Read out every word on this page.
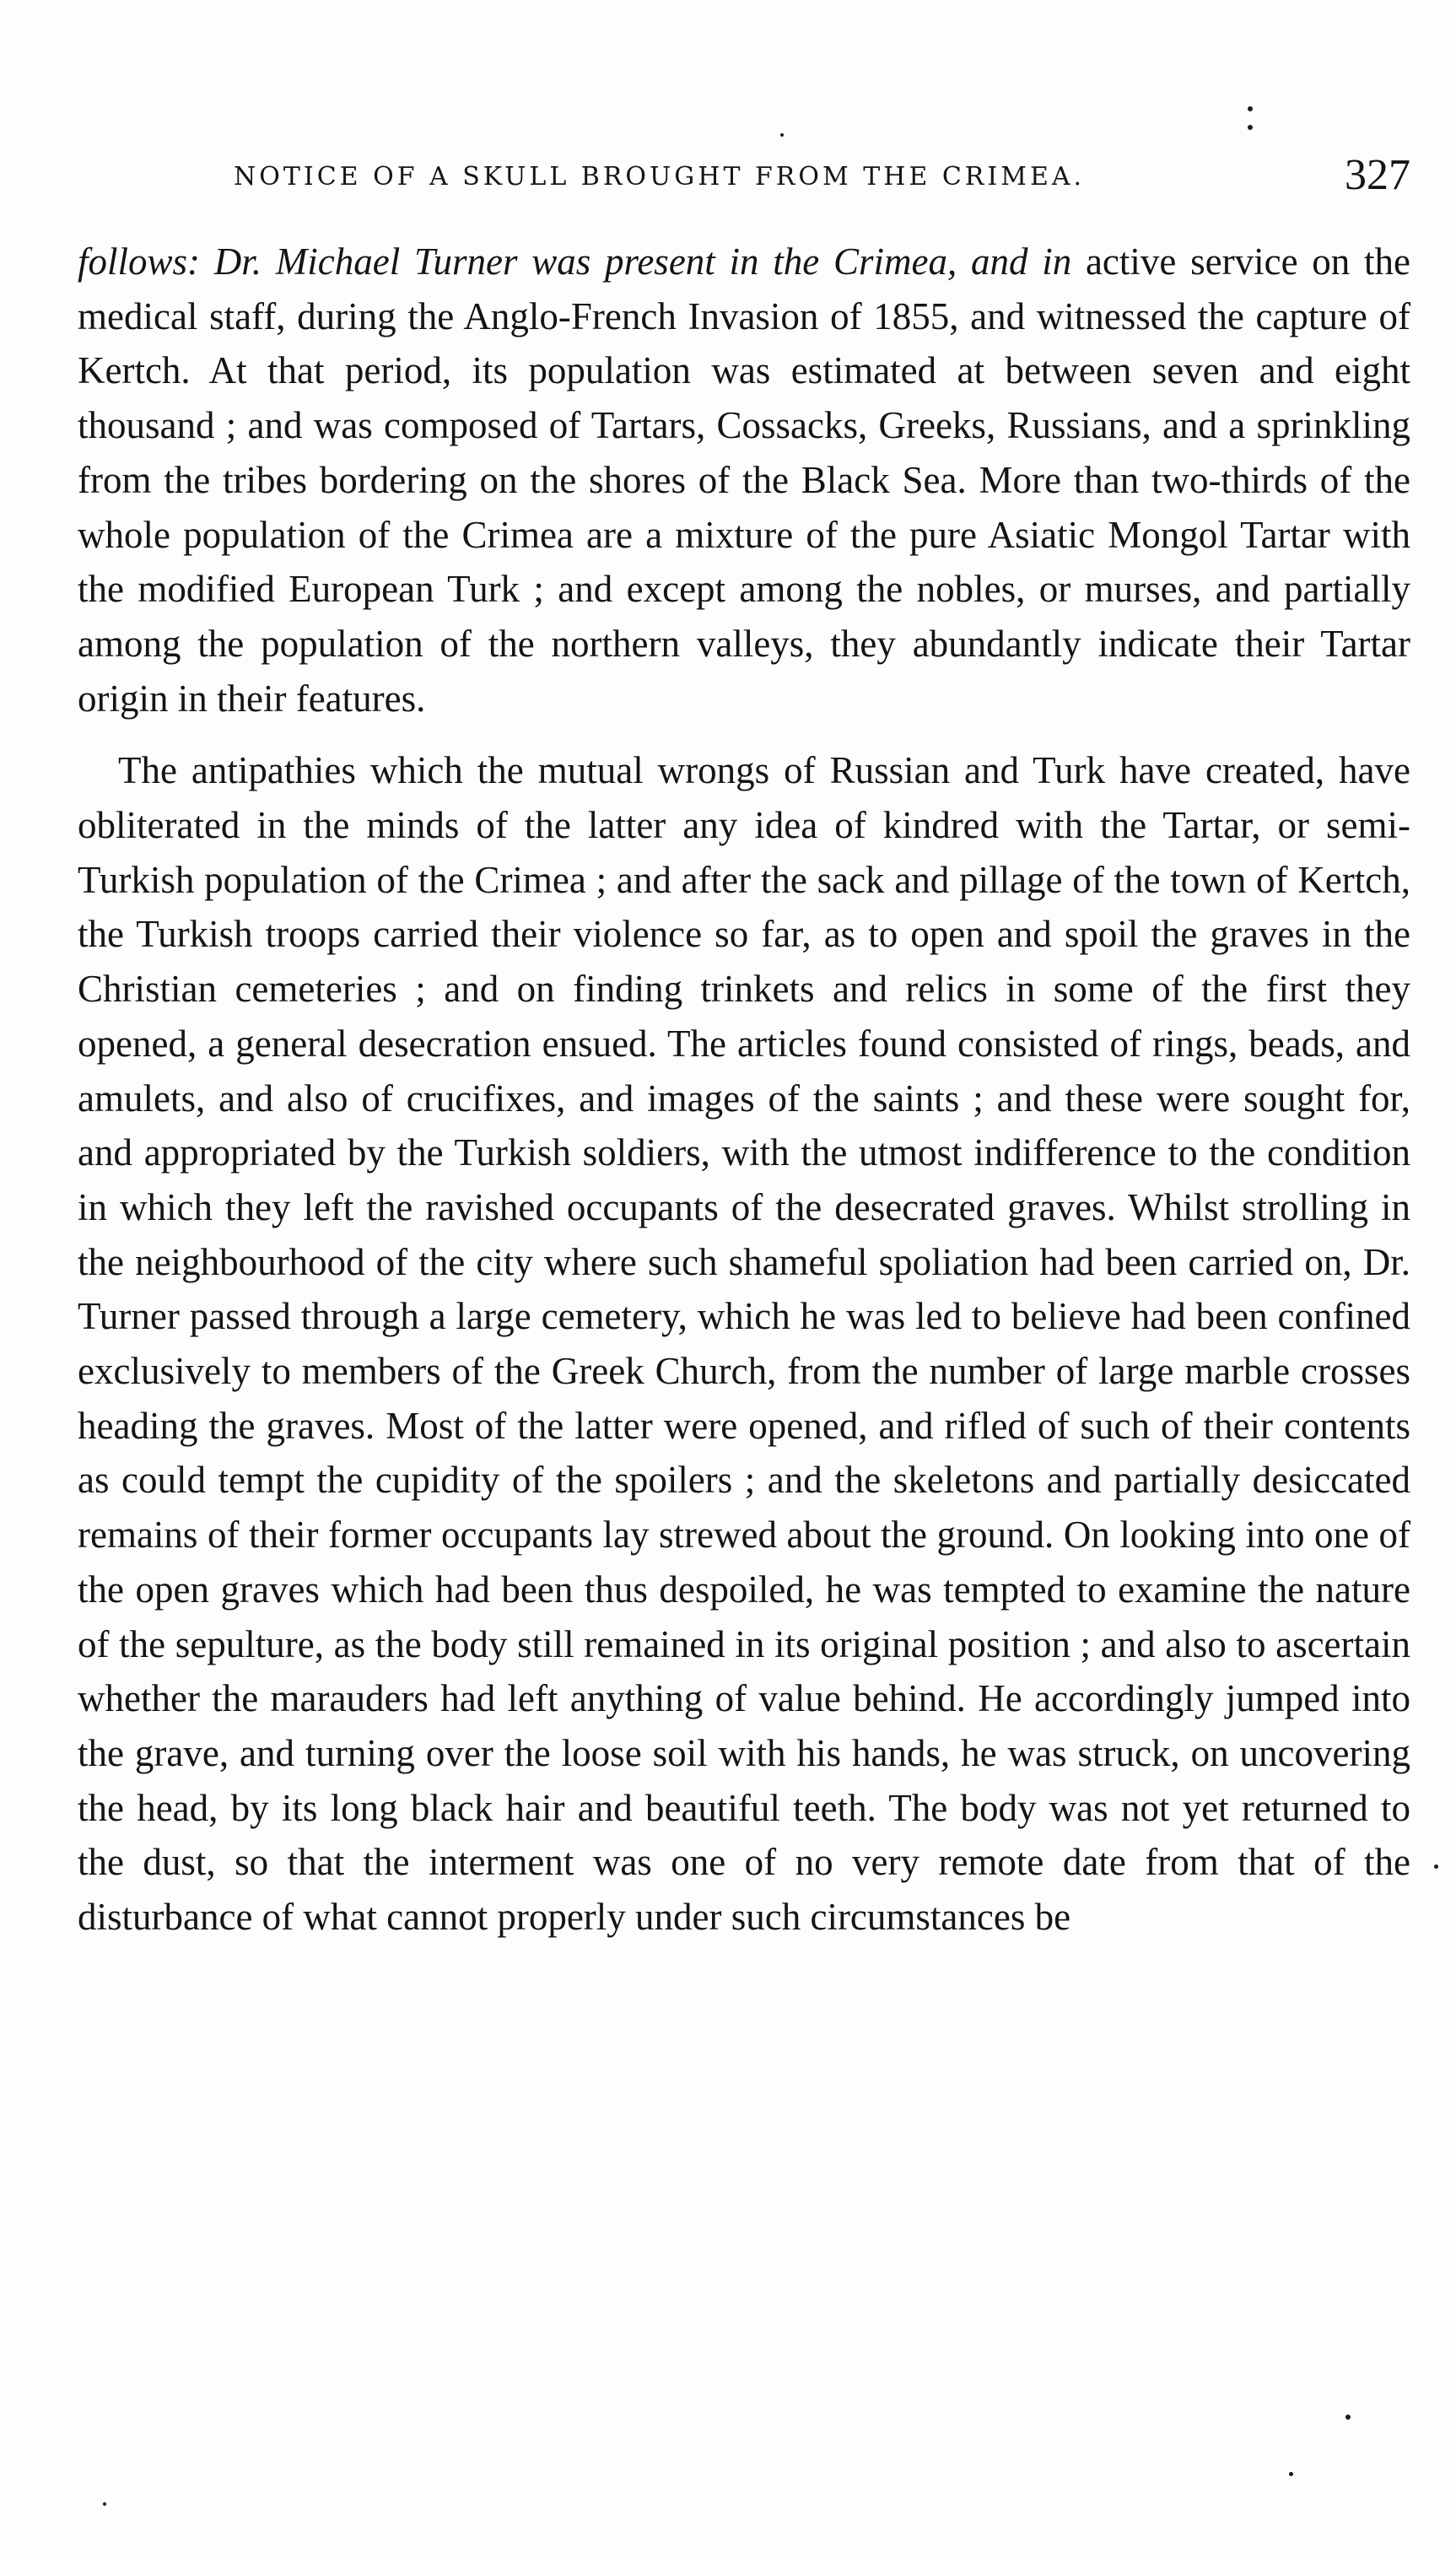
NOTICE OF A SKULL BROUGHT FROM THE CRIMEA.	327

follows: Dr. Michael Turner was present in the Crimea, and in active service on the medical staff, during the Anglo-French Invasion of 1855, and witnessed the capture of Kertch. At that period, its population was estimated at between seven and eight thousand ; and was composed of Tartars, Cossacks, Greeks, Russians, and a sprinkling from the tribes bordering on the shores of the Black Sea. More than two-thirds of the whole population of the Crimea are a mixture of the pure Asiatic Mongol Tartar with the modified European Turk ; and except among the nobles, or murses, and partially among the population of the northern valleys, they abundantly indicate their Tartar origin in their features.

The antipathies which the mutual wrongs of Russian and Turk have created, have obliterated in the minds of the latter any idea of kindred with the Tartar, or semi-Turkish population of the Crimea ; and after the sack and pillage of the town of Kertch, the Turkish troops carried their violence so far, as to open and spoil the graves in the Christian cemeteries ; and on finding trinkets and relics in some of the first they opened, a general desecration ensued. The articles found consisted of rings, beads, and amulets, and also of crucifixes, and images of the saints ; and these were sought for, and appropriated by the Turkish soldiers, with the utmost indifference to the condition in which they left the ravished occupants of the desecrated graves. Whilst strolling in the neighbourhood of the city where such shameful spoliation had been carried on, Dr. Turner passed through a large cemetery, which he was led to believe had been confined exclusively to members of the Greek Church, from the number of large marble crosses heading the graves. Most of the latter were opened, and rifled of such of their contents as could tempt the cupidity of the spoilers ; and the skeletons and partially desiccated remains of their former occupants lay strewed about the ground. On looking into one of the open graves which had been thus despoiled, he was tempted to examine the nature of the sepulture, as the body still remained in its original position ; and also to ascertain whether the marauders had left anything of value behind. He accordingly jumped into the grave, and turning over the loose soil with his hands, he was struck, on uncovering the head, by its long black hair and beautiful teeth. The body was not yet returned to the dust, so that the interment was one of no very remote date from that of the disturbance of what cannot properly under such circumstances be
